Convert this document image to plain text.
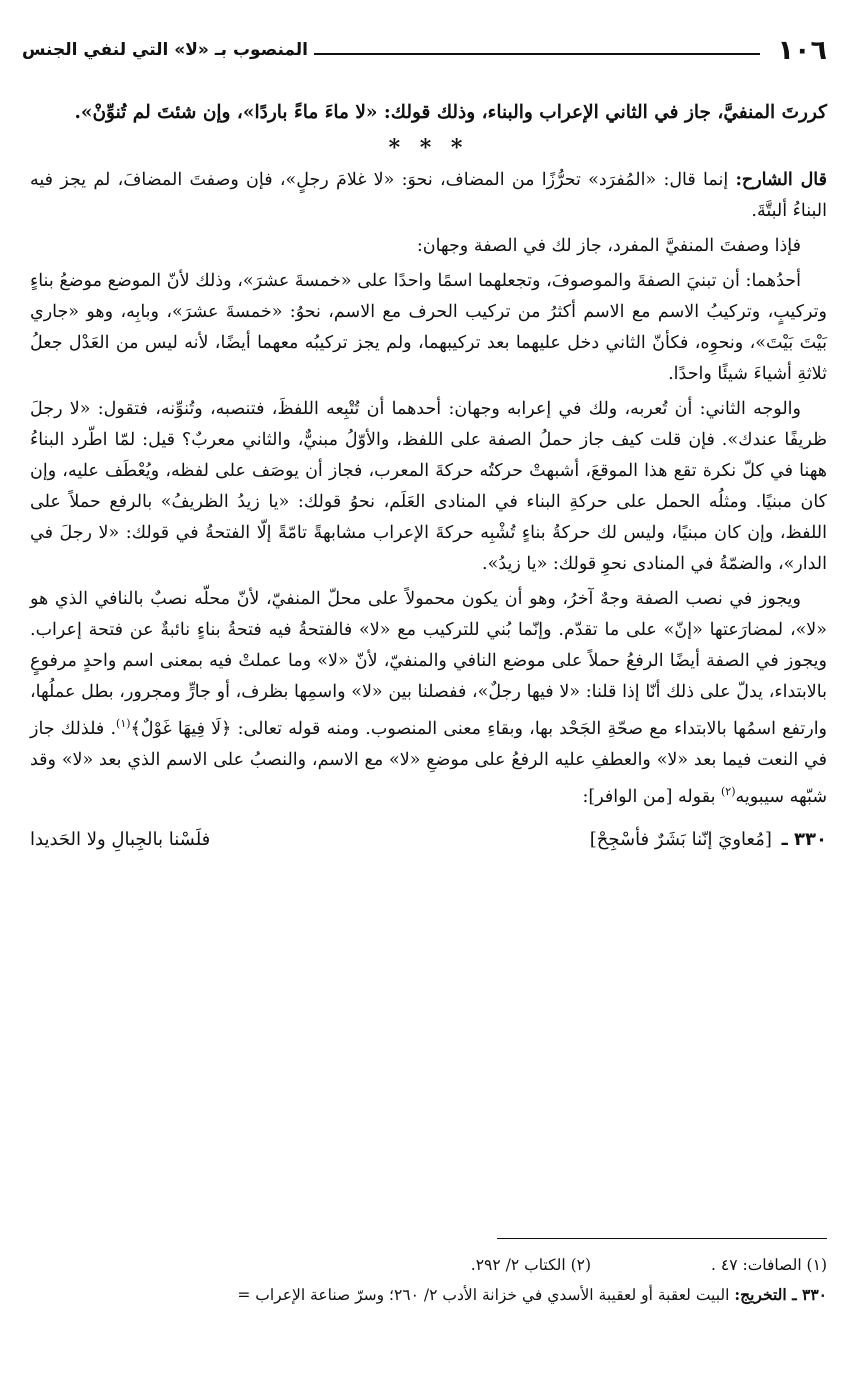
١٠٦
المنصوب بـ «لا» التي لنفي الجنس

كررتَ المنفيَّ، جاز في الثاني الإعراب والبناء، وذلك قولك: «لا ماءَ ماءً باردًا»، وإن شئتَ لم تُنوِّنْ».

* * *

قال الشارح: إنما قال: «المُفرَد» تحرُّزًا من المضاف، نحوَ: «لا غلامَ رجلٍ»، فإن وصفتَ المضافَ، لم يجز فيه البناءُ ألبتَّةَ.

فإذا وصفتَ المنفيَّ المفرد، جاز لك في الصفة وجهان:

أحدُهما: أن تبنيَ الصفةَ والموصوفَ، وتجعلهما اسمًا واحدًا على «خمسةَ عشرَ»، وذلك لأنّ الموضع موضعُ بناءٍ وتركيبٍ، وتركيبُ الاسم مع الاسم أكثرُ من تركيب الحرف مع الاسم، نحوُ: «خمسةَ عشرَ»، وبابِه، وهو «جاري بَيْتَ بَيْتَ»، ونحوِه، فكأنّ الثاني دخل عليهما بعد تركيبهما، ولم يجز تركيبُه معهما أيضًا، لأنه ليس من العَدْل جعلُ ثلاثةِ أشياءَ شيئًا واحدًا.

والوجه الثاني: أن تُعربه، ولك في إعرابه وجهان: أحدهما أن تُتْبِعه اللفظَ، فتنصبه، وتُنوِّنه، فتقول: «لا رجلَ ظريفًا عندك». فإن قلت كيف جاز حملُ الصفة على اللفظ، والأوّلُ مبنيٌّ، والثاني معربٌ؟ قيل: لمّا اطّرد البناءُ ههنا في كلّ نكرة تقع هذا الموقعَ، أشبهتْ حركتُه حركةَ المعرب، فجاز أن يوصَف على لفظه، ويُعْطَف عليه، وإن كان مبنيًا. ومثلُه الحمل على حركةِ البناء في المنادى العَلَم، نحوُ قولك: «يا زيدُ الظريفُ» بالرفع حملاً على اللفظ، وإن كان مبنيًا، وليس لك حركةُ بناءٍ تُشْبِه حركةَ الإعراب مشابهةً تامّةً إلّا الفتحةُ في قولك: «لا رجلَ في الدار»، والضمّةُ في المنادى نحوِ قولك: «يا زيدُ».

ويجوز في نصب الصفة وجهٌ آخرُ، وهو أن يكون محمولاً على محلّ المنفيّ، لأنّ محلّه نصبٌ بالنافي الذي هو «لا»، لمضارَعتها «إنّ» على ما تقدّم. وإنّما بُني للتركيب مع «لا» فالفتحةُ فيه فتحةُ بناءٍ نائبةٌ عن فتحة إعراب. ويجوز في الصفة أيضًا الرفعُ حملاً على موضع النافي والمنفيّ، لأنّ «لا» وما عملتْ فيه بمعنى اسم واحدٍ مرفوعٍ بالابتداء، يدلّ على ذلك أنّا إذا قلنا: «لا فيها رجلٌ»، ففصلنا بين «لا» واسمِها بظرف، أو جارٍّ ومجرور، بطل عملُها، وارتفع اسمُها بالابتداء مع صحّةِ الجَحْد بها، وبقاءِ معنى المنصوب. ومنه قوله تعالى: ﴿لَا فِيهَا غَوْلٌ﴾$^{(١)}$. فلذلك جاز في النعت فيما بعد «لا» والعطفِ عليه الرفعُ على موضعِ «لا» مع الاسم، والنصبُ على الاسم الذي بعد «لا» وقد شبّهه سيبويه$^{(٢)}$ بقوله [من الوافر]:

٣٣٠ ـ [مُعاويَ إنّنا بَشَرٌ فأسْجِحْ]
فلَسْنا بالجِبالِ ولا الحَديدا
(١) الصافات: ٤٧ .
(٢) الكتاب ٢/ ٢٩٢.
٣٣٠ ـ التخريج: البيت لعقبة أو لعقيبة الأسدي في خزانة الأدب ٢/ ٢٦٠؛ وسرّ صناعة الإعراب =
